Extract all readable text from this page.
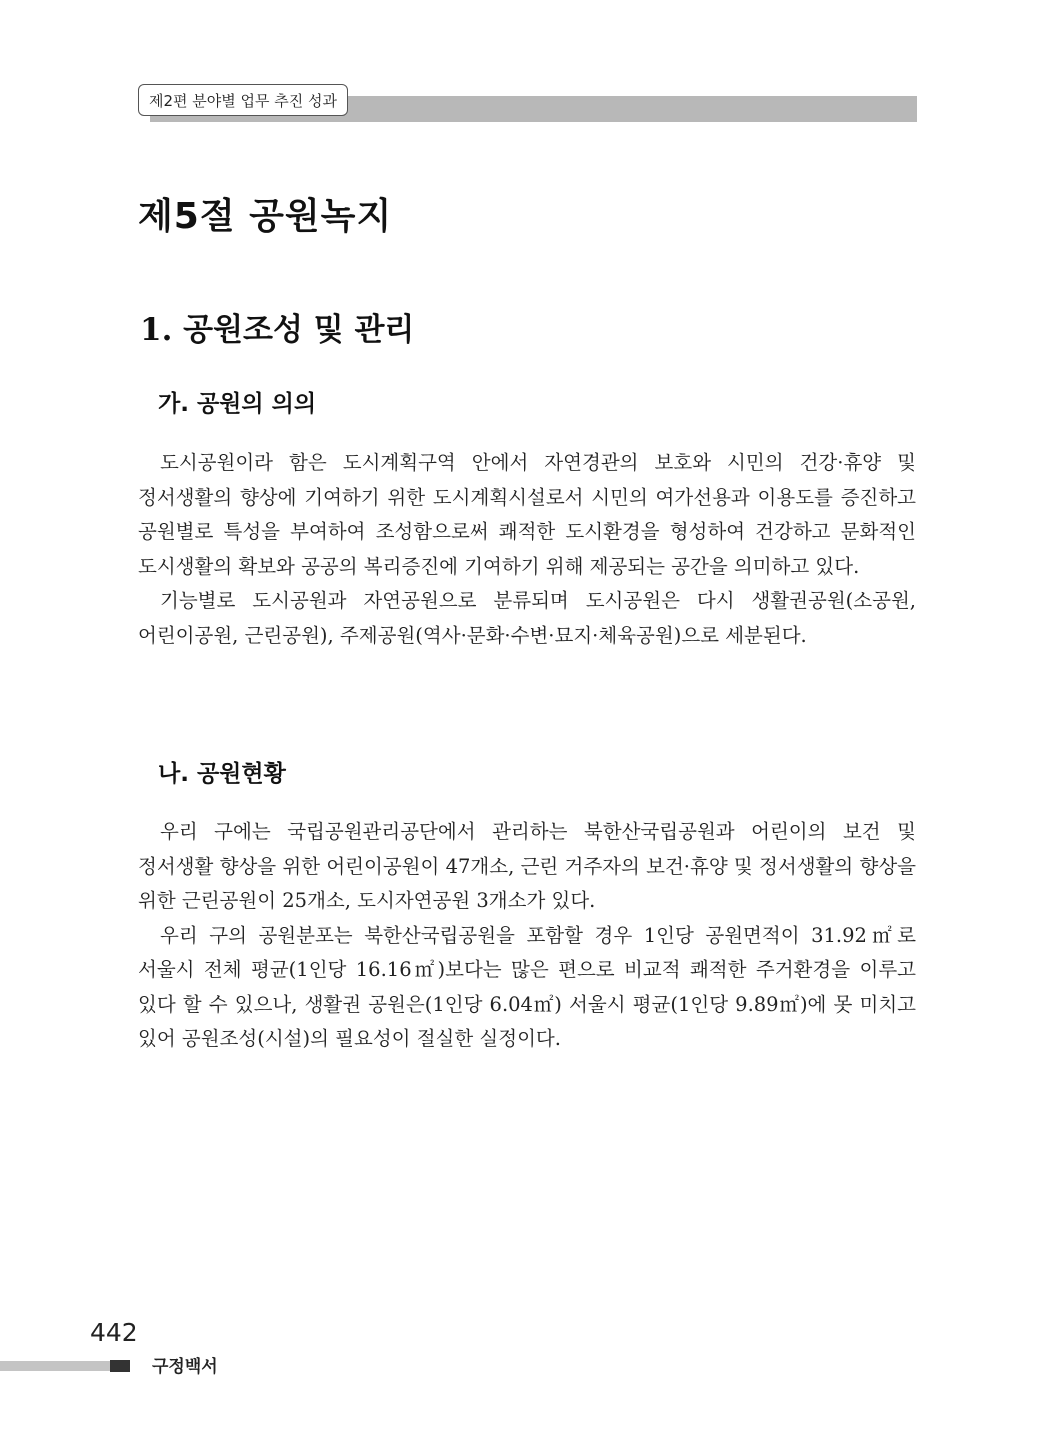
제2편 분야별 업무 추진 성과
제5절 공원녹지
1. 공원조성 및 관리
가. 공원의 의의

도시공원이라 함은 도시계획구역 안에서 자연경관의 보호와 시민의 건강·휴양 및 정서생활의 향상에 기여하기 위한 도시계획시설로서 시민의 여가선용과 이용도를 증진하고 공원별로 특성을 부여하여 조성함으로써 쾌적한 도시환경을 형성하여 건강하고 문화적인 도시생활의 확보와 공공의 복리증진에 기여하기 위해 제공되는 공간을 의미하고 있다.

기능별로 도시공원과 자연공원으로 분류되며 도시공원은 다시 생활권공원(소공원, 어린이공원, 근린공원), 주제공원(역사·문화·수변·묘지·체육공원)으로 세분된다.

나. 공원현황

우리 구에는 국립공원관리공단에서 관리하는 북한산국립공원과 어린이의 보건 및 정서생활 향상을 위한 어린이공원이 47개소, 근린 거주자의 보건·휴양 및 정서생활의 향상을 위한 근린공원이 25개소, 도시자연공원 3개소가 있다.

우리 구의 공원분포는 북한산국립공원을 포함할 경우 1인당 공원면적이 31.92㎡로 서울시 전체 평균(1인당 16.16㎡)보다는 많은 편으로 비교적 쾌적한 주거환경을 이루고 있다 할 수 있으나, 생활권 공원은(1인당 6.04㎡) 서울시 평균(1인당 9.89㎡)에 못 미치고 있어 공원조성(시설)의 필요성이 절실한 실정이다.

442
구정백서
